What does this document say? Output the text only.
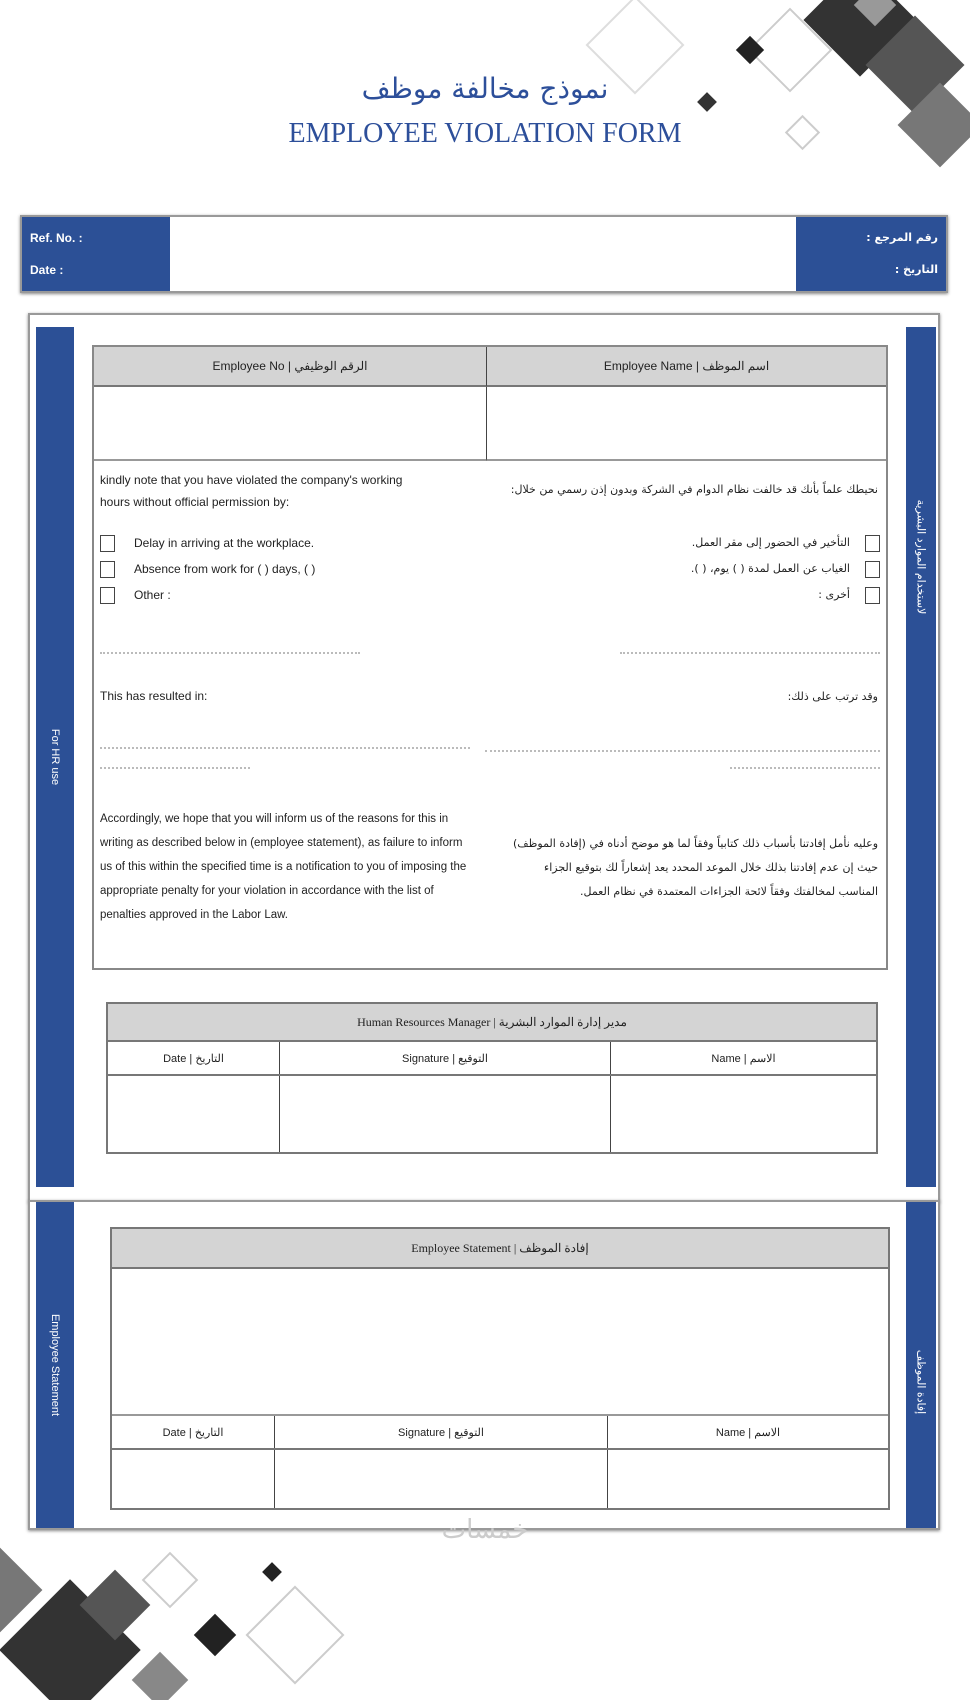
نموذج مخالفة موظف
EMPLOYEE VIOLATION FORM
Ref. No. :
Date :
رقم المرجع :
التاريخ :
For HR use
لاستخدام الموارد البشرية
Employee No | الرقم الوظيفي	Employee Name | اسم الموظف
kindly note that you have violated the company's working hours without official permission by:
نحيطك علماً بأنك قد خالفت نظام الدوام في الشركة وبدون إذن رسمي من خلال:
Delay in arriving at the workplace.	التأخير في الحضور إلى مقر العمل.
Absence from work for ( ) days, ( )	الغياب عن العمل لمدة ( ) يوم، ( ).
Other :	أخرى :
This has resulted in:	وقد ترتب على ذلك:
Accordingly, we hope that you will inform us of the reasons for this in writing as described below in (employee statement), as failure to inform us of this within the specified time is a notification to you of imposing the appropriate penalty for your violation in accordance with the list of penalties approved in the Labor Law.
وعليه نأمل إفادتنا بأسباب ذلك كتابياً وفقاً لما هو موضح أدناه في (إفادة الموظف) حيث إن عدم إفادتنا بذلك خلال الموعد المحدد يعد إشعاراً لك بتوقيع الجزاء المناسب لمخالفتك وفقاً لائحة الجزاءات المعتمدة في نظام العمل.
Human Resources Manager | مدير إدارة الموارد البشرية
Date | التاريخ	Signature | التوقيع	Name | الاسم
Employee Statement	إفادة الموظف
Employee Statement | إفادة الموظف
Date | التاريخ	Signature | التوقيع	Name | الاسم
خمسات
